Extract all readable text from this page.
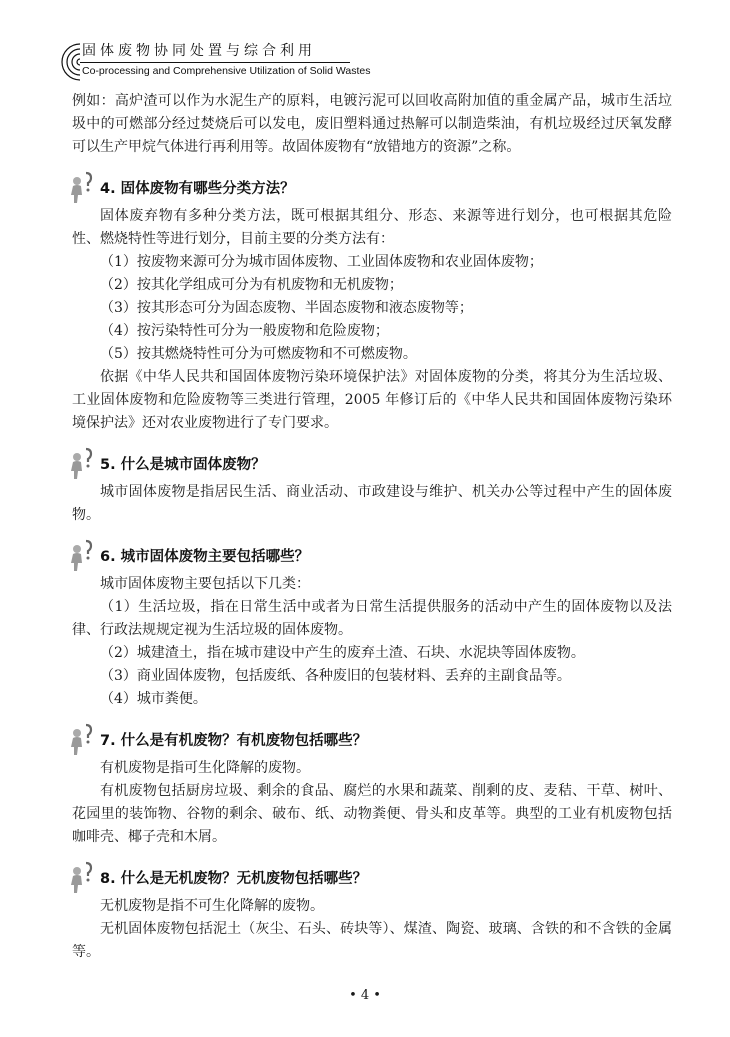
固体废物协同处置与综合利用
Co-processing and Comprehensive Utilization of Solid Wastes

例如：高炉渣可以作为水泥生产的原料，电镀污泥可以回收高附加值的重金属产品，城市生活垃圾中的可燃部分经过焚烧后可以发电，废旧塑料通过热解可以制造柴油，有机垃圾经过厌氧发酵可以生产甲烷气体进行再利用等。故固体废物有“放错地方的资源”之称。

4. 固体废物有哪些分类方法？

固体废弃物有多种分类方法，既可根据其组分、形态、来源等进行划分，也可根据其危险性、燃烧特性等进行划分，目前主要的分类方法有：

（1）按废物来源可分为城市固体废物、工业固体废物和农业固体废物；

（2）按其化学组成可分为有机废物和无机废物；

（3）按其形态可分为固态废物、半固态废物和液态废物等；

（4）按污染特性可分为一般废物和危险废物；

（5）按其燃烧特性可分为可燃废物和不可燃废物。

依据《中华人民共和国固体废物污染环境保护法》对固体废物的分类，将其分为生活垃圾、工业固体废物和危险废物等三类进行管理，2005 年修订后的《中华人民共和国固体废物污染环境保护法》还对农业废物进行了专门要求。

5. 什么是城市固体废物？

城市固体废物是指居民生活、商业活动、市政建设与维护、机关办公等过程中产生的固体废物。

6. 城市固体废物主要包括哪些？

城市固体废物主要包括以下几类：

（1）生活垃圾，指在日常生活中或者为日常生活提供服务的活动中产生的固体废物以及法律、行政法规规定视为生活垃圾的固体废物。

（2）城建渣土，指在城市建设中产生的废弃土渣、石块、水泥块等固体废物。

（3）商业固体废物，包括废纸、各种废旧的包装材料、丢弃的主副食品等。

（4）城市粪便。

7. 什么是有机废物？有机废物包括哪些？

有机废物是指可生化降解的废物。

有机废物包括厨房垃圾、剩余的食品、腐烂的水果和蔬菜、削剩的皮、麦秸、干草、树叶、花园里的装饰物、谷物的剩余、破布、纸、动物粪便、骨头和皮革等。典型的工业有机废物包括咖啡壳、椰子壳和木屑。

8. 什么是无机废物？无机废物包括哪些？

无机废物是指不可生化降解的废物。

无机固体废物包括泥土（灰尘、石头、砖块等）、煤渣、陶瓷、玻璃、含铁的和不含铁的金属等。

• 4 •
